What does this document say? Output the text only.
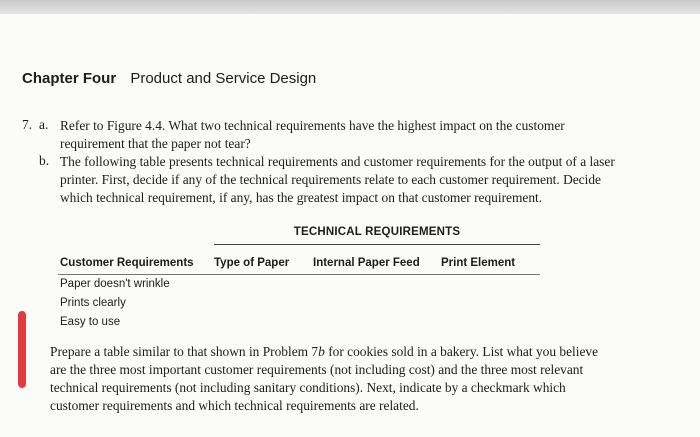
Chapter Four Product and Service Design
7. a. Refer to Figure 4.4. What two technical requirements have the highest impact on the customer requirement that the paper not tear?

b. The following table presents technical requirements and customer requirements for the output of a laser printer. First, decide if any of the technical requirements relate to each customer requirement. Decide which technical requirement, if any, has the greatest impact on that customer requirement.

TECHNICAL REQUIREMENTS
Customer Requirements Type of Paper Internal Paper Feed Print Element
Paper doesn't wrinkle
Prints clearly
Easy to use

Prepare a table similar to that shown in Problem 7b for cookies sold in a bakery. List what you believe are the three most important customer requirements (not including cost) and the three most relevant technical requirements (not including sanitary conditions). Next, indicate by a checkmark which customer requirements and which technical requirements are related.
